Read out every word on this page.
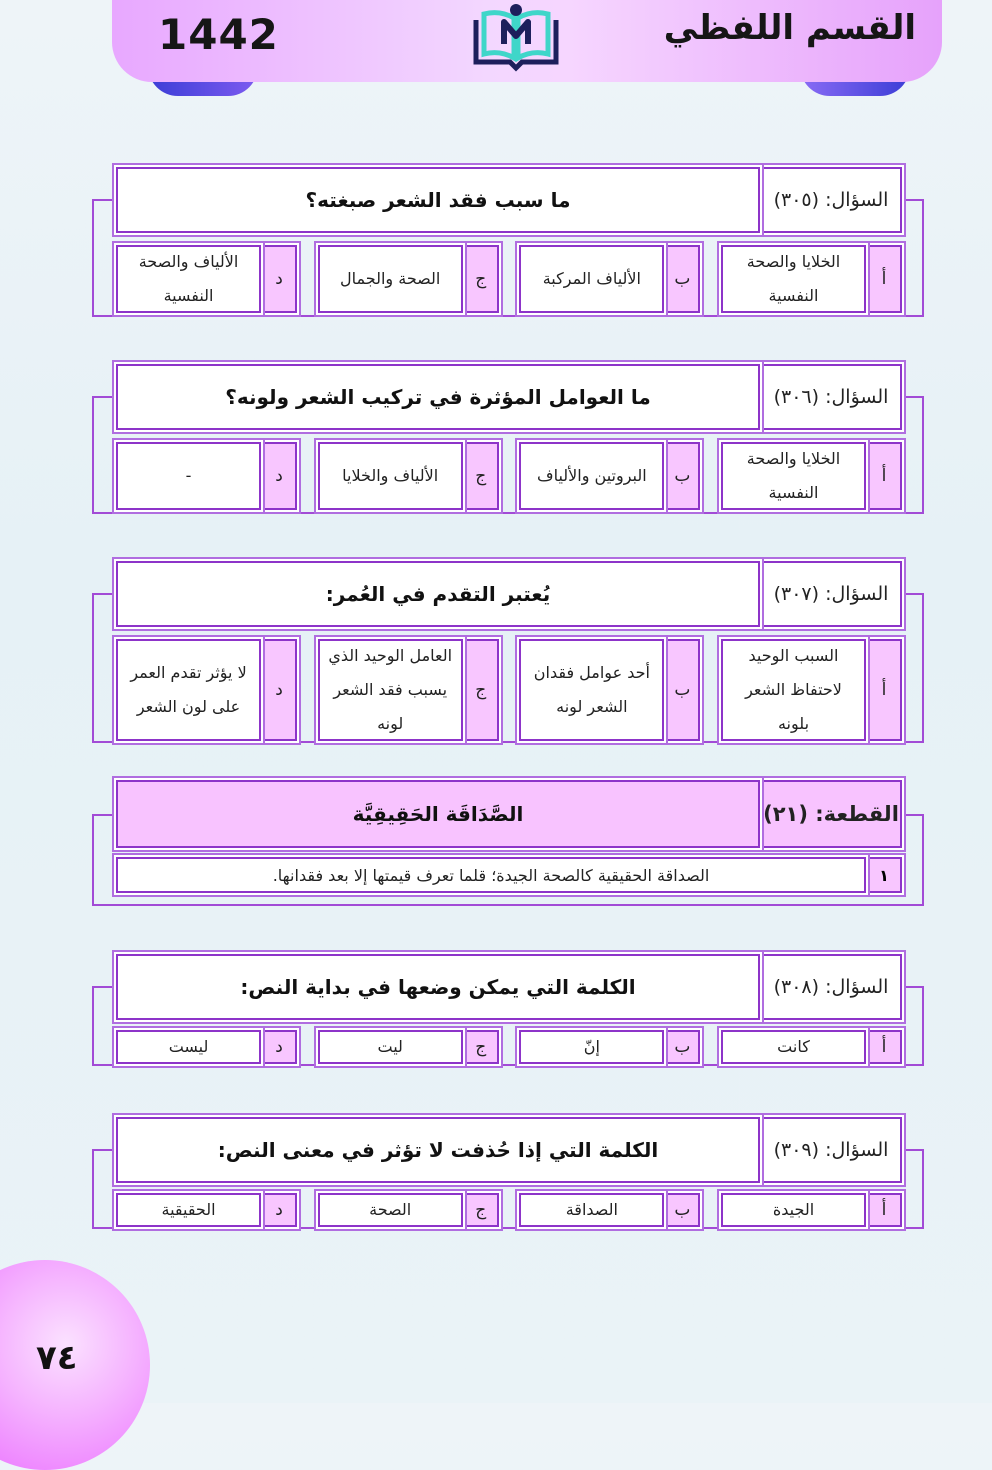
القسم اللفظي
1442
السؤال: (٣٠٥)
ما سبب فقد الشعر صبغته؟
أ
الخلايا والصحة النفسية
ب
الألياف المركبة
ج
الصحة والجمال
د
الألياف والصحة النفسية
السؤال: (٣٠٦)
ما العوامل المؤثرة في تركيب الشعر ولونه؟
أ
الخلايا والصحة النفسية
ب
البروتين والألياف
ج
الألياف والخلايا
د
-
السؤال: (٣٠٧)
يُعتبر التقدم في العُمر:
أ
السبب الوحيد لاحتفاظ الشعر بلونه
ب
أحد عوامل فقدان الشعر لونه
ج
العامل الوحيد الذي يسبب فقد الشعر لونه
د
لا يؤثر تقدم العمر على لون الشعر
القطعة: (٢١)
الصَّدَاقَة الحَقِيقِيَّة
١
الصداقة الحقيقية كالصحة الجيدة؛ قلما تعرف قيمتها إلا بعد فقدانها.
السؤال: (٣٠٨)
الكلمة التي يمكن وضعها في بداية النص:
أ
كانت
ب
إنّ
ج
ليت
د
ليست
السؤال: (٣٠٩)
الكلمة التي إذا حُذفت لا تؤثر في معنى النص:
أ
الجيدة
ب
الصداقة
ج
الصحة
د
الحقيقية
٧٤
